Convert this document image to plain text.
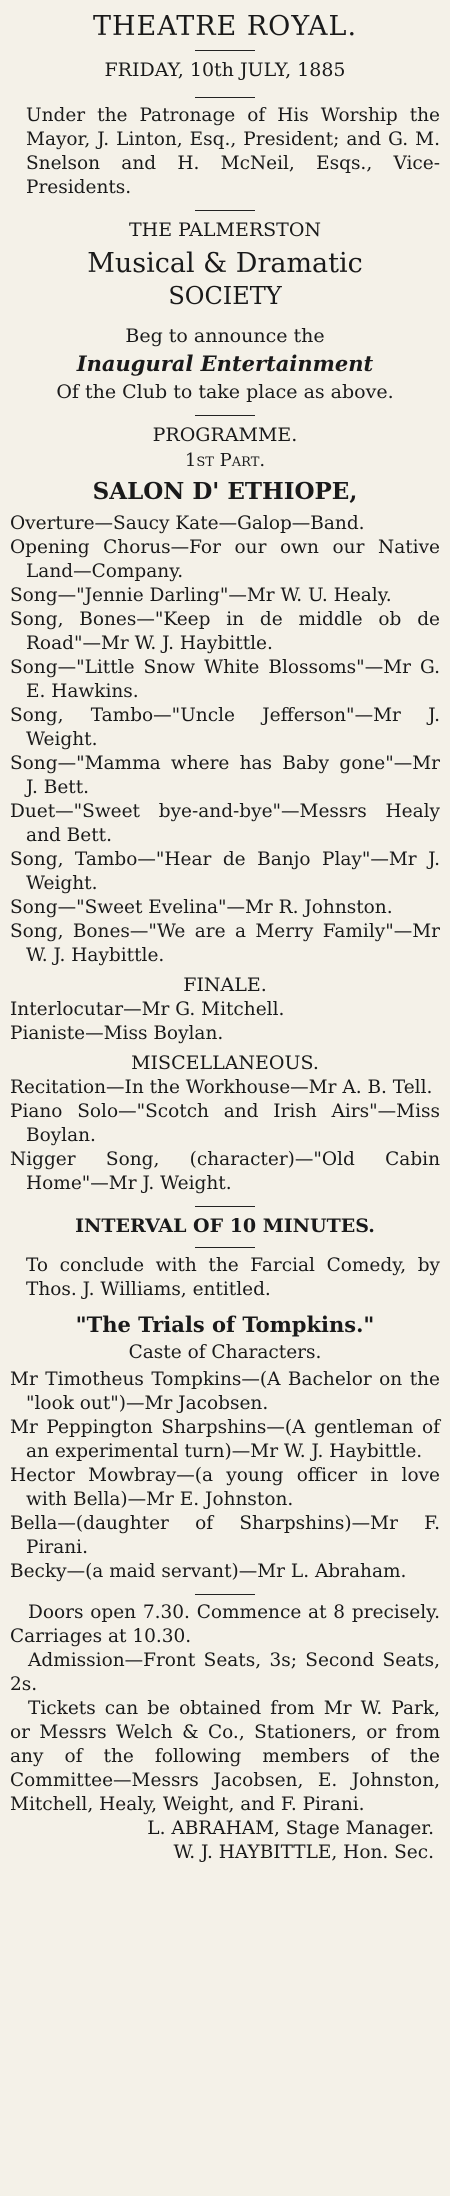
THEATRE ROYAL.
FRIDAY, 10th JULY, 1885
Under the Patronage of His Worship the Mayor, J. Linton, Esq., President; and G. M. Snelson and H. McNeil, Esqs., Vice-Presidents.
THE PALMERSTON
Musical & Dramatic
SOCIETY
Beg to announce the
Inaugural Entertainment
Of the Club to take place as above.
PROGRAMME.
1st Part.
SALON D' ETHIOPE,
Overture—Saucy Kate—Galop—Band.
Opening Chorus—For our own our Native Land—Company.
Song—"Jennie Darling"—Mr W. U. Healy.
Song, Bones—"Keep in de middle ob de Road"—Mr W. J. Haybittle.
Song—"Little Snow White Blossoms"—Mr G. E. Hawkins.
Song, Tambo—"Uncle Jefferson"—Mr J. Weight.
Song—"Mamma where has Baby gone"—Mr J. Bett.
Duet—"Sweet bye-and-bye"—Messrs Healy and Bett.
Song, Tambo—"Hear de Banjo Play"—Mr J. Weight.
Song—"Sweet Evelina"—Mr R. Johnston.
Song, Bones—"We are a Merry Family"—Mr W. J. Haybittle.
FINALE.
Interlocutar—Mr G. Mitchell.
Pianiste—Miss Boylan.
MISCELLANEOUS.
Recitation—In the Workhouse—Mr A. B. Tell.
Piano Solo—"Scotch and Irish Airs"—Miss Boylan.
Nigger Song, (character)—"Old Cabin Home"—Mr J. Weight.
INTERVAL OF 10 MINUTES.
To conclude with the Farcial Comedy, by Thos. J. Williams, entitled.
"The Trials of Tompkins."
Caste of Characters.
Mr Timotheus Tompkins—(A Bachelor on the "look out")—Mr Jacobsen.
Mr Peppington Sharpshins—(A gentleman of an experimental turn)—Mr W. J. Haybittle.
Hector Mowbray—(a young officer in love with Bella)—Mr E. Johnston.
Bella—(daughter of Sharpshins)—Mr F. Pirani.
Becky—(a maid servant)—Mr L. Abraham.
Doors open 7.30. Commence at 8 precisely. Carriages at 10.30.
Admission—Front Seats, 3s; Second Seats, 2s.
Tickets can be obtained from Mr W. Park, or Messrs Welch & Co., Stationers, or from any of the following members of the Committee—Messrs Jacobsen, E. Johnston, Mitchell, Healy, Weight, and F. Pirani.
L. ABRAHAM, Stage Manager.
W. J. HAYBITTLE, Hon. Sec.
